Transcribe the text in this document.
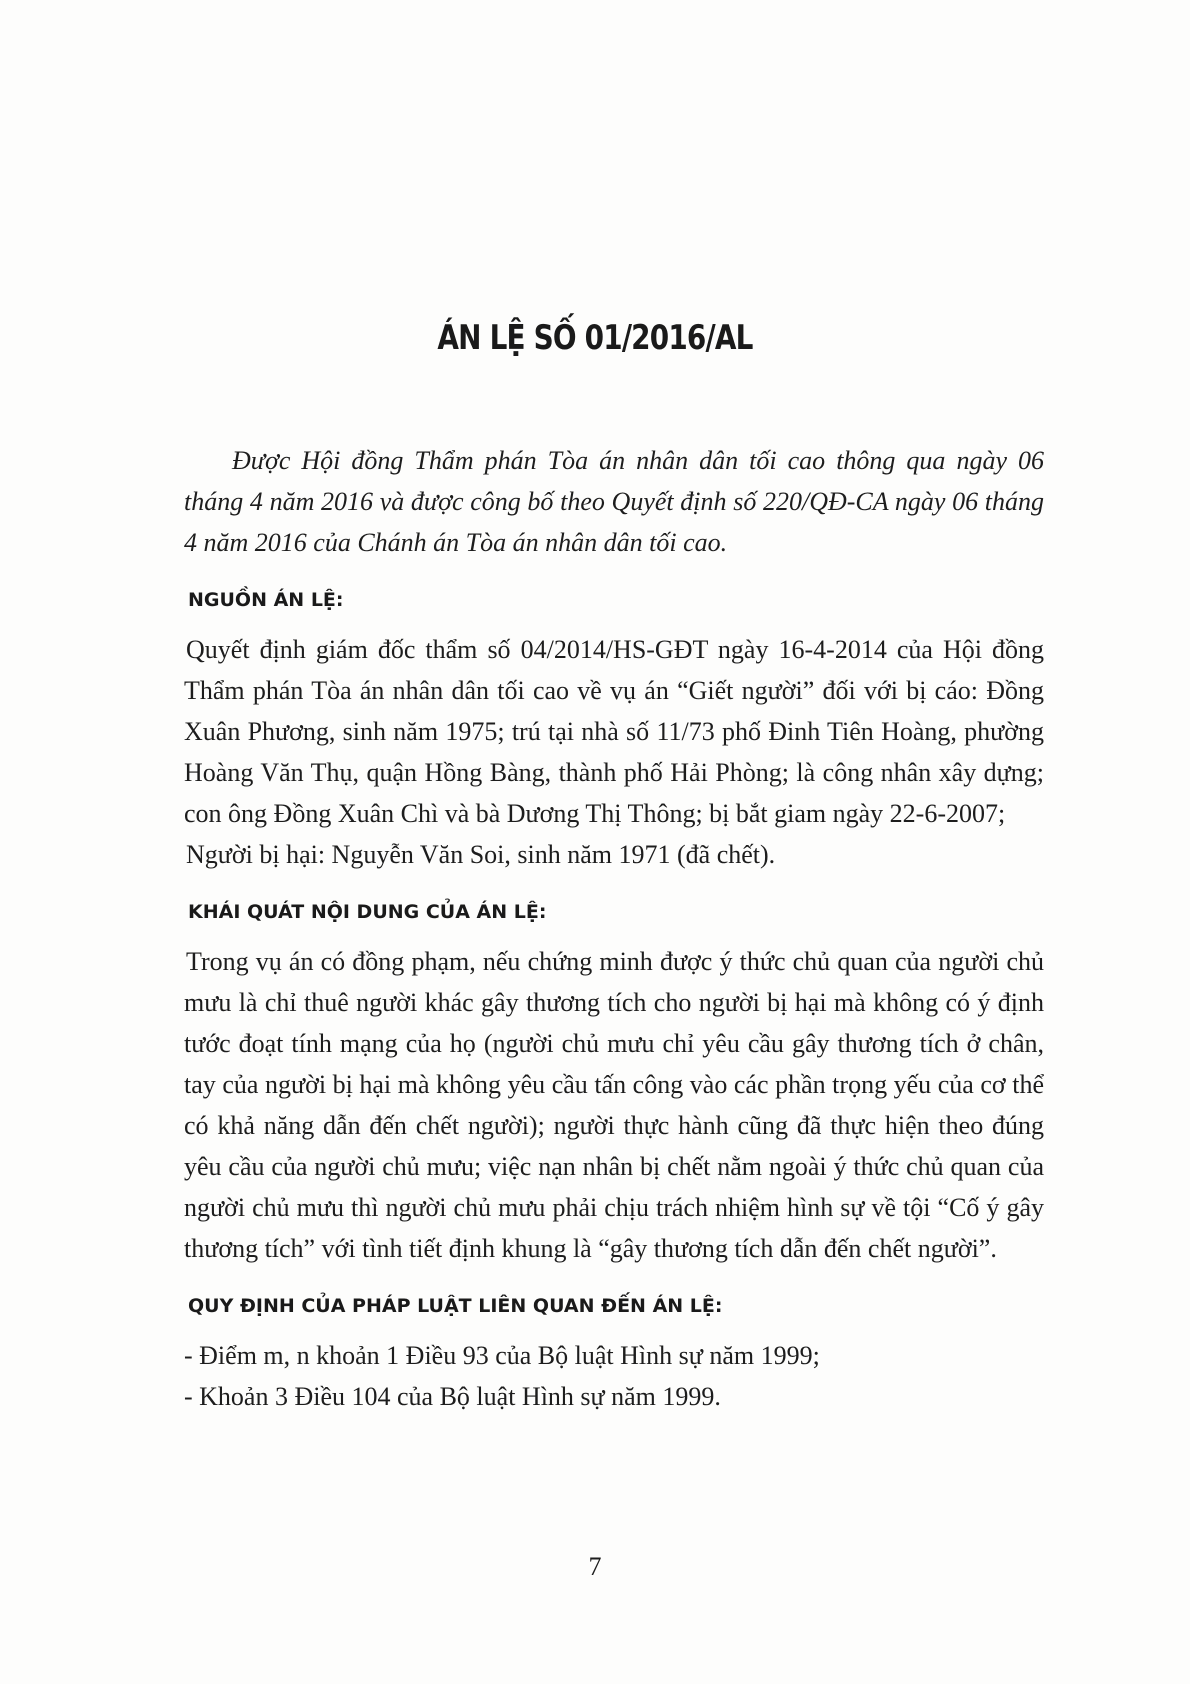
ÁN LỆ SỐ 01/2016/AL

Được Hội đồng Thẩm phán Tòa án nhân dân tối cao thông qua ngày 06 tháng 4 năm 2016 và được công bố theo Quyết định số 220/QĐ-CA ngày 06 tháng 4 năm 2016 của Chánh án Tòa án nhân dân tối cao.

NGUỒN ÁN LỆ:

Quyết định giám đốc thẩm số 04/2014/HS-GĐT ngày 16-4-2014 của Hội đồng Thẩm phán Tòa án nhân dân tối cao về vụ án “Giết người” đối với bị cáo: Đồng Xuân Phương, sinh năm 1975; trú tại nhà số 11/73 phố Đinh Tiên Hoàng, phường Hoàng Văn Thụ, quận Hồng Bàng, thành phố Hải Phòng; là công nhân xây dựng; con ông Đồng Xuân Chì và bà Dương Thị Thông; bị bắt giam ngày 22-6-2007;

Người bị hại: Nguyễn Văn Soi, sinh năm 1971 (đã chết).

KHÁI QUÁT NỘI DUNG CỦA ÁN LỆ:

Trong vụ án có đồng phạm, nếu chứng minh được ý thức chủ quan của người chủ mưu là chỉ thuê người khác gây thương tích cho người bị hại mà không có ý định tước đoạt tính mạng của họ (người chủ mưu chỉ yêu cầu gây thương tích ở chân, tay của người bị hại mà không yêu cầu tấn công vào các phần trọng yếu của cơ thể có khả năng dẫn đến chết người); người thực hành cũng đã thực hiện theo đúng yêu cầu của người chủ mưu; việc nạn nhân bị chết nằm ngoài ý thức chủ quan của người chủ mưu thì người chủ mưu phải chịu trách nhiệm hình sự về tội “Cố ý gây thương tích” với tình tiết định khung là “gây thương tích dẫn đến chết người”.

QUY ĐỊNH CỦA PHÁP LUẬT LIÊN QUAN ĐẾN ÁN LỆ:
- Điểm m, n khoản 1 Điều 93 của Bộ luật Hình sự năm 1999;
- Khoản 3 Điều 104 của Bộ luật Hình sự năm 1999.
7
